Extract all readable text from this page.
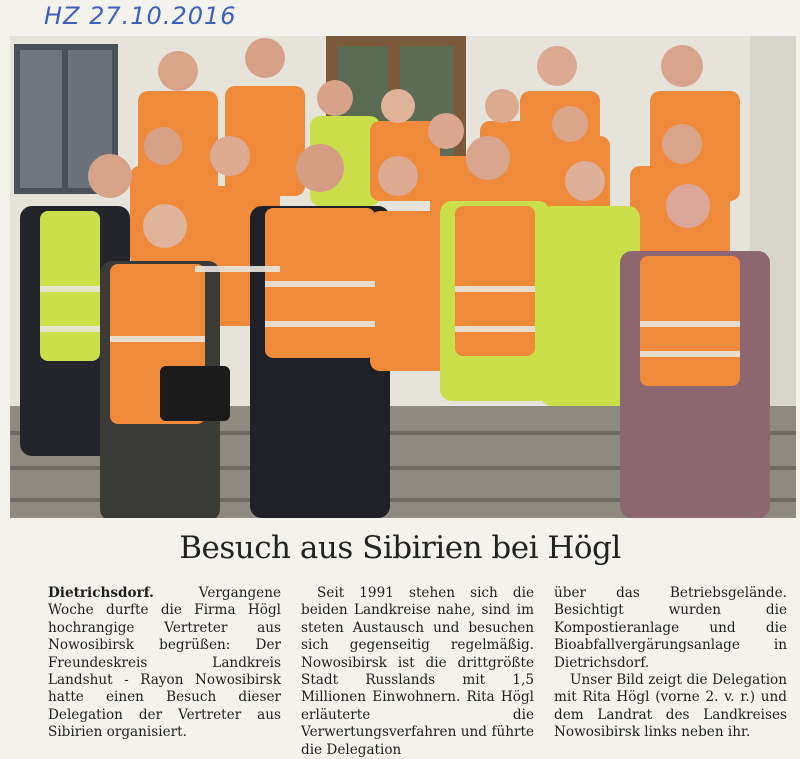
HZ 27.10.2016
Besuch aus Sibirien bei Högl

Dietrichsdorf. Vergangene Woche durfte die Firma Högl hochrangige Vertreter aus Nowosibirsk begrüßen: Der Freundeskreis Landkreis Landshut - Rayon Nowosibirsk hatte einen Besuch dieser Delegation der Vertreter aus Sibirien organisiert.

Seit 1991 stehen sich die beiden Landkreise nahe, sind im steten Austausch und besuchen sich gegenseitig regelmäßig. Nowosibirsk ist die drittgrößte Stadt Russlands mit 1,5 Millionen Einwohnern. Rita Högl erläuterte die Verwertungsverfahren und führte die Delegation

über das Betriebsgelände. Besichtigt wurden die Kompostieranlage und die Bioabfallvergärungsanlage in Dietrichsdorf.

Unser Bild zeigt die Delegation mit Rita Högl (vorne 2. v. r.) und dem Landrat des Landkreises Nowosibirsk links neben ihr.
